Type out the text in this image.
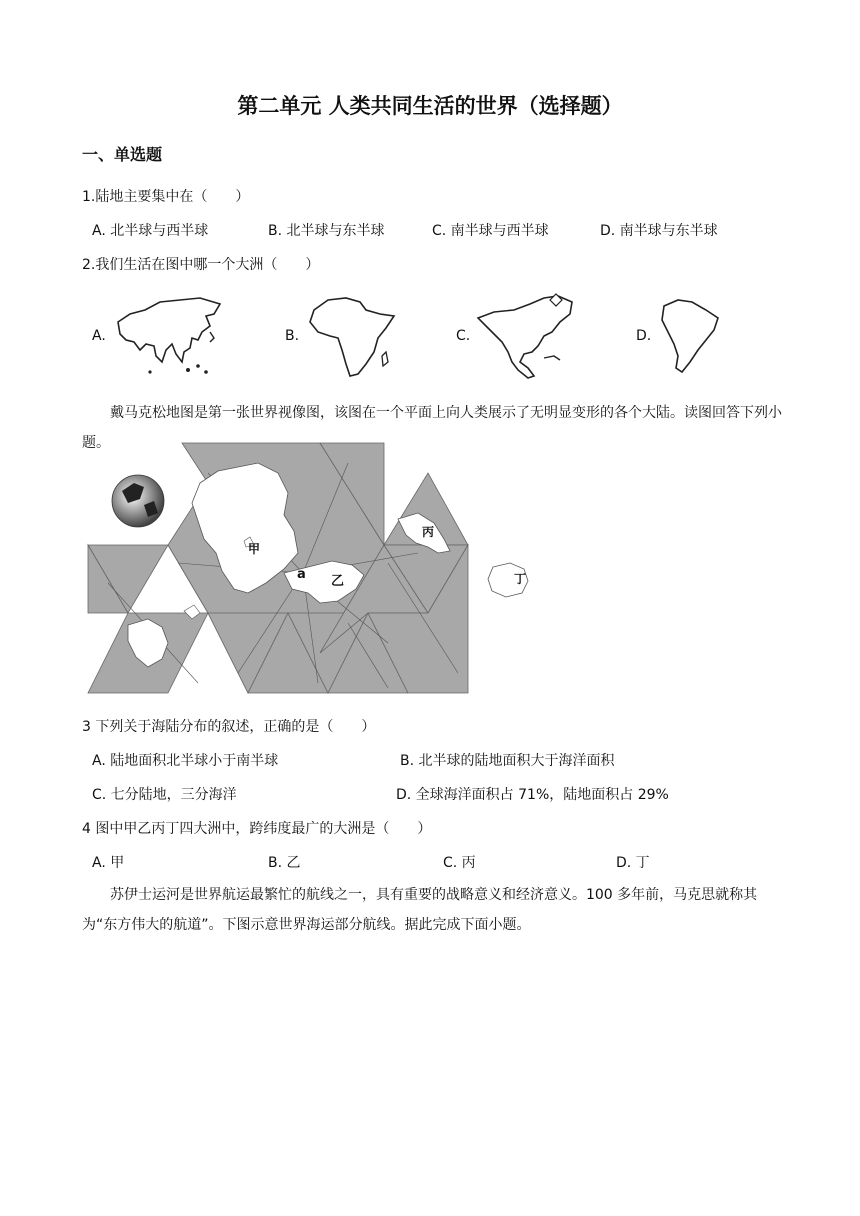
第二单元 人类共同生活的世界（选择题）
一、单选题
1.陆地主要集中在（　　）
A. 北半球与西半球	B. 北半球与东半球	C. 南半球与西半球	D. 南半球与东半球
2.我们生活在图中哪一个大洲（　　）
A.	B.	C.	D.
戴马克松地图是第一张世界视像图，该图在一个平面上向人类展示了无明显变形的各个大陆。读图回答下列小题。
甲
a 乙
丙
丁
3 下列关于海陆分布的叙述，正确的是（　　）
A. 陆地面积北半球小于南半球	B. 北半球的陆地面积大于海洋面积
C. 七分陆地，三分海洋	D. 全球海洋面积占 71%，陆地面积占 29%
4 图中甲乙丙丁四大洲中，跨纬度最广的大洲是（　　）
A. 甲	B. 乙	C. 丙	D. 丁
苏伊士运河是世界航运最繁忙的航线之一，具有重要的战略意义和经济意义。100 多年前，马克思就称其为“东方伟大的航道”。下图示意世界海运部分航线。据此完成下面小题。
